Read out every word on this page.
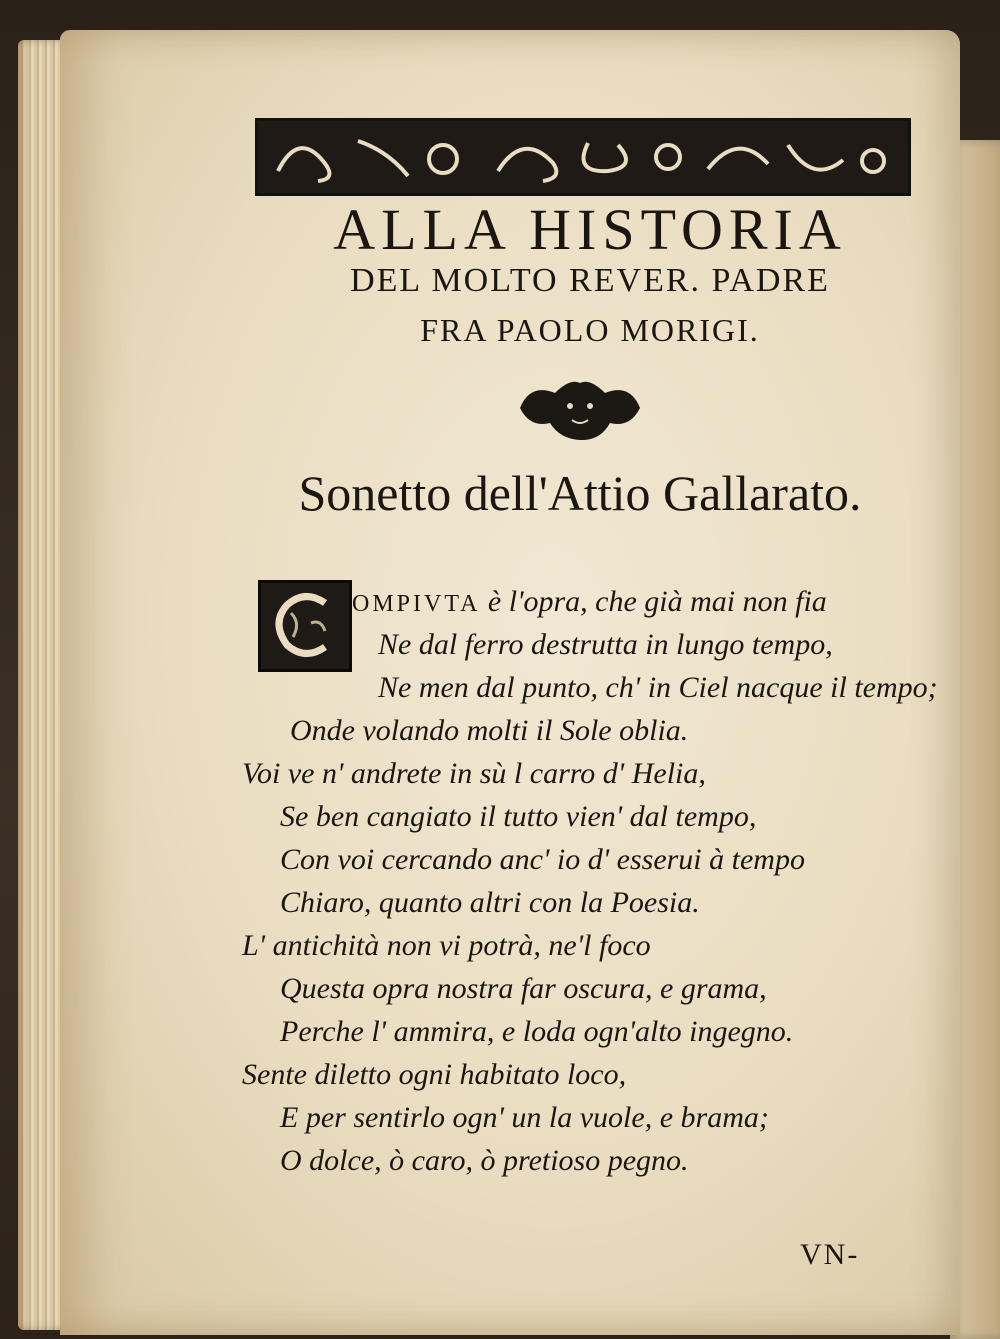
ALLA HISTORIA
DEL MOLTO REVER. PADRE
FRA PAOLO MORIGI.
Sonetto dell'Attio Gallarato.
OMPIVTA è l'opra, che già mai non fia
Ne dal ferro destrutta in lungo tempo,
Ne men dal punto, ch' in Ciel nacque il tempo;
Onde volando molti il Sole oblia.
Voi ve n' andrete in sù l carro d' Helia,
Se ben cangiato il tutto vien' dal tempo,
Con voi cercando anc' io d' esserui à tempo
Chiaro, quanto altri con la Poesia.
L' antichità non vi potrà, ne'l foco
Questa opra nostra far oscura, e grama,
Perche l' ammira, e loda ogn'alto ingegno.
Sente diletto ogni habitato loco,
E per sentirlo ogn' un la vuole, e brama;
O dolce, ò caro, ò pretioso pegno.
VN-
